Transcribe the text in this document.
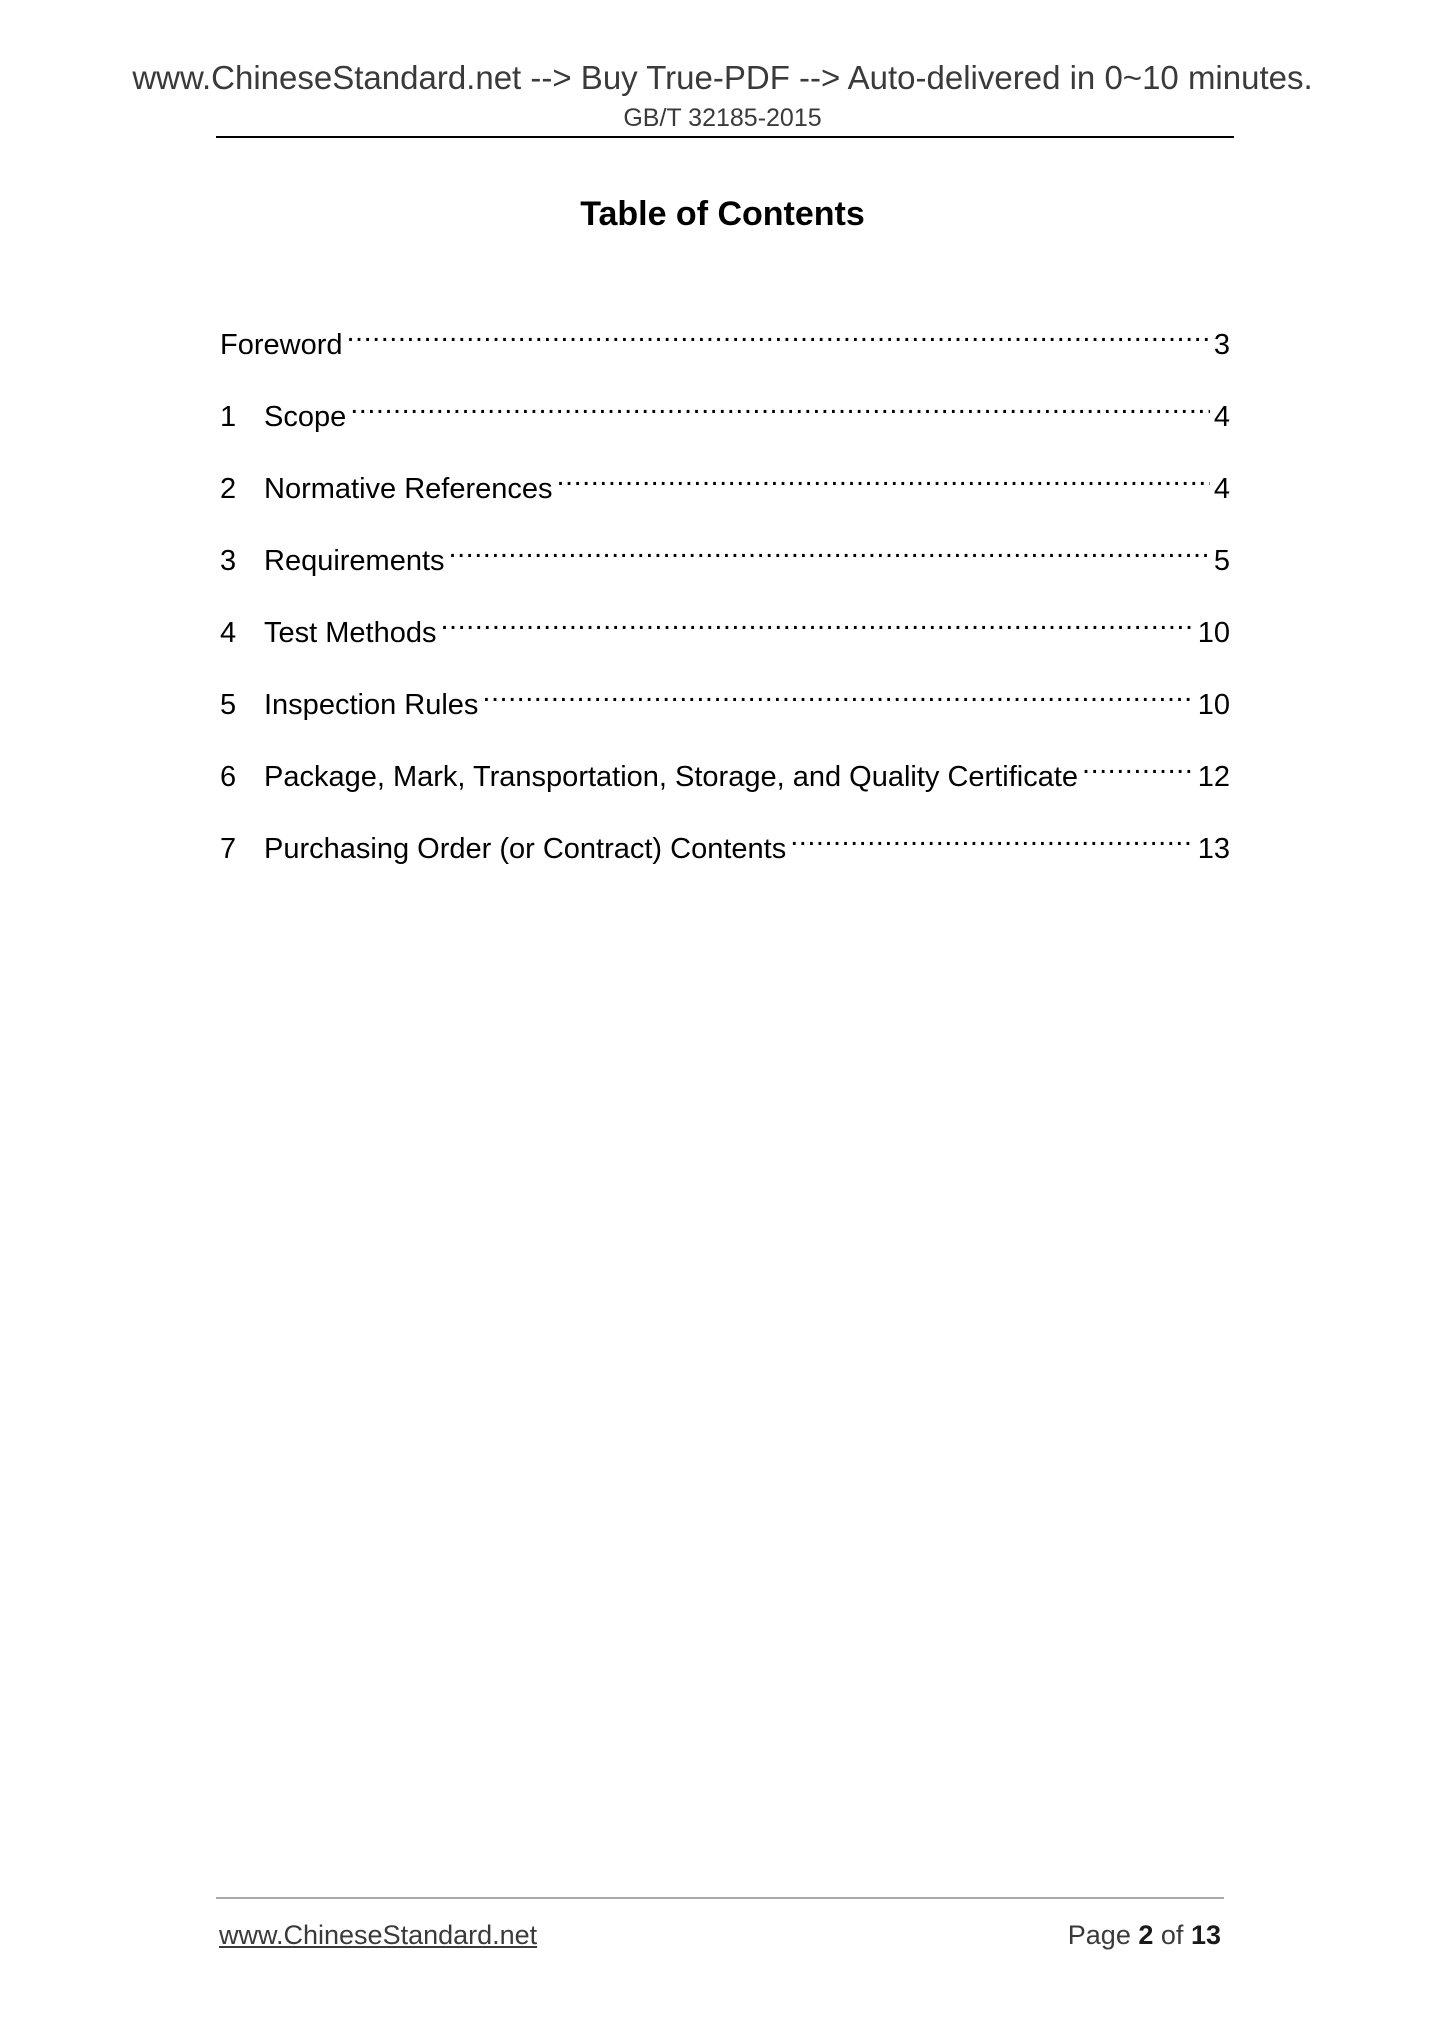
www.ChineseStandard.net --> Buy True-PDF --> Auto-delivered in 0~10 minutes.
GB/T 32185-2015
Table of Contents
Foreword .....	3
1 Scope .....	4
2 Normative References .....	4
3 Requirements .....	5
4 Test Methods .....	10
5 Inspection Rules .....	10
6 Package, Mark, Transportation, Storage, and Quality Certificate .....	12
7 Purchasing Order (or Contract) Contents .....	13
www.ChineseStandard.net	Page 2 of 13
